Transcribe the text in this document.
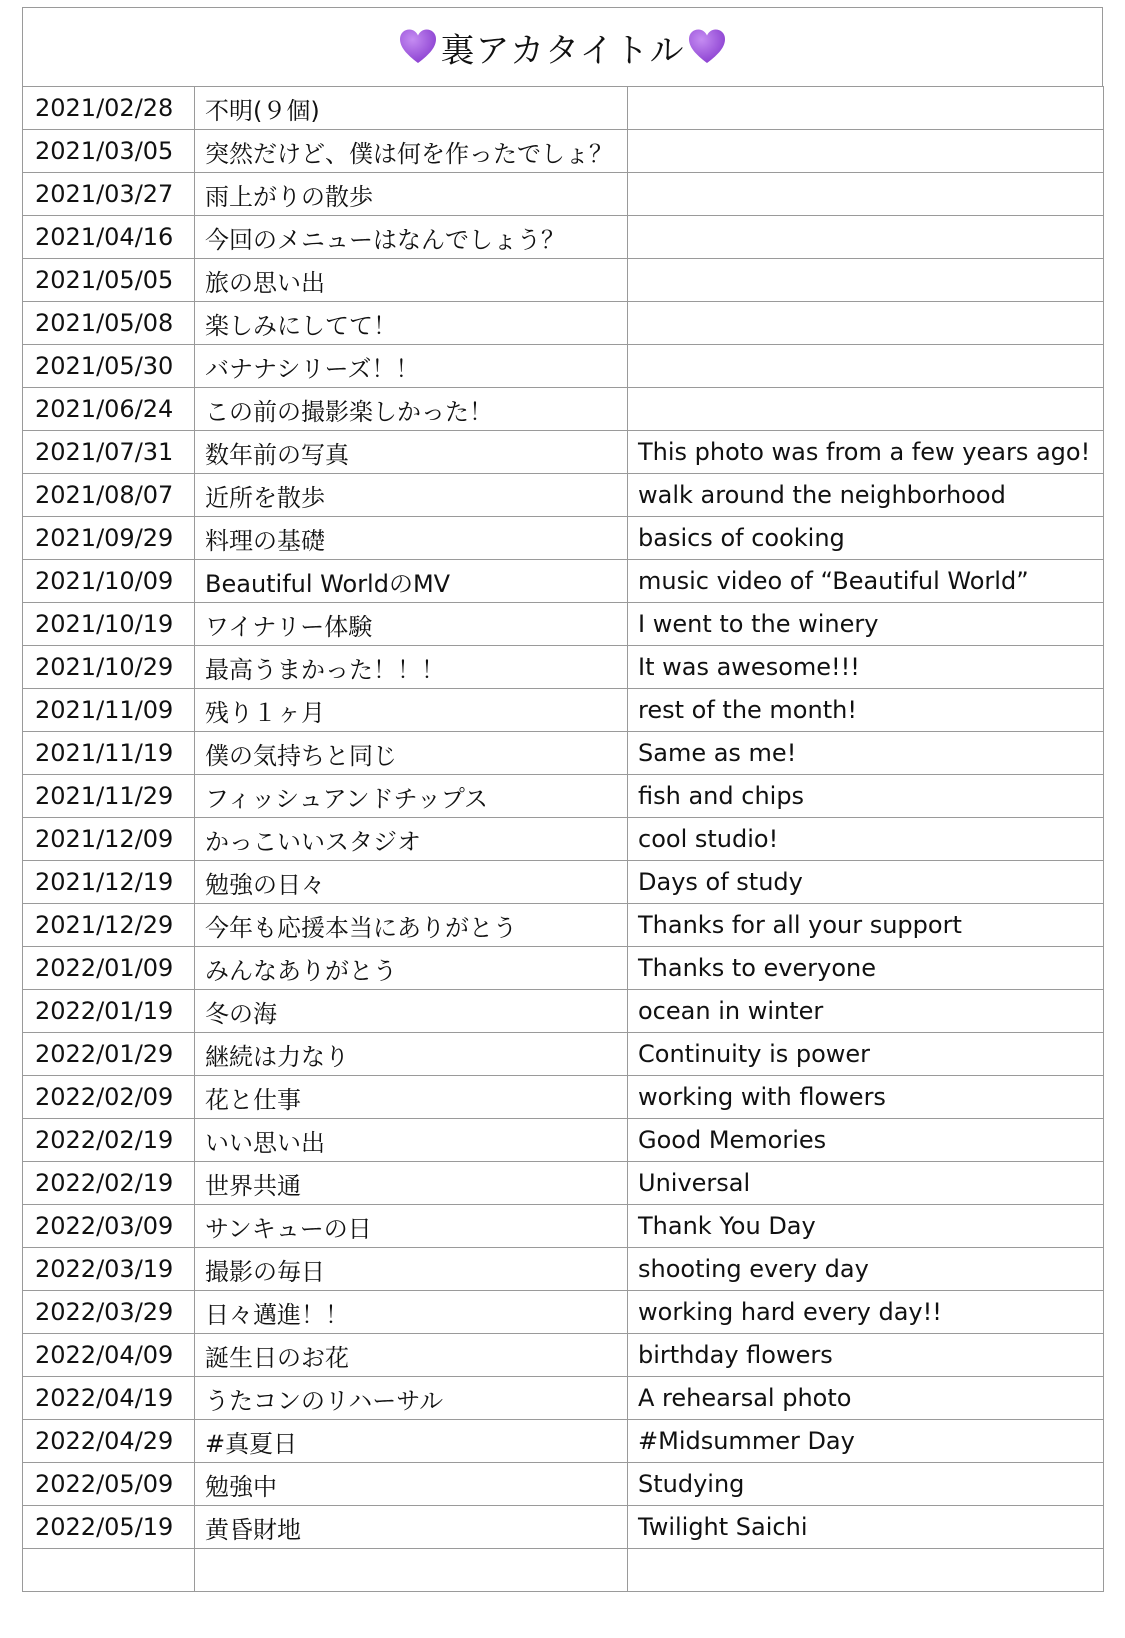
裏アカタイトル
2021/02/28	不明(９個)	
2021/03/05	突然だけど、僕は何を作ったでしょ？	
2021/03/27	雨上がりの散歩	
2021/04/16	今回のメニューはなんでしょう？	
2021/05/05	旅の思い出	
2021/05/08	楽しみにしてて！	
2021/05/30	バナナシリーズ！！	
2021/06/24	この前の撮影楽しかった！	
2021/07/31	数年前の写真	This photo was from a few years ago!
2021/08/07	近所を散歩	walk around the neighborhood
2021/09/29	料理の基礎	basics of cooking
2021/10/09	Beautiful WorldのMV	music video of “Beautiful World”
2021/10/19	ワイナリー体験	I went to the winery
2021/10/29	最高うまかった！！！	It was awesome!!!
2021/11/09	残り１ヶ月	rest of the month!
2021/11/19	僕の気持ちと同じ	Same as me!
2021/11/29	フィッシュアンドチップス	fish and chips
2021/12/09	かっこいいスタジオ	cool studio!
2021/12/19	勉強の日々	Days of study
2021/12/29	今年も応援本当にありがとう	Thanks for all your support
2022/01/09	みんなありがとう	Thanks to everyone
2022/01/19	冬の海	ocean in winter
2022/01/29	継続は力なり	Continuity is power
2022/02/09	花と仕事	working with flowers
2022/02/19	いい思い出	Good Memories
2022/02/19	世界共通	Universal
2022/03/09	サンキューの日	Thank You Day
2022/03/19	撮影の毎日	shooting every day
2022/03/29	日々邁進！！	working hard every day!!
2022/04/09	誕生日のお花	birthday flowers
2022/04/19	うたコンのリハーサル	A rehearsal photo
2022/04/29	#真夏日	#Midsummer Day
2022/05/09	勉強中	Studying
2022/05/19	黄昏財地	Twilight Saichi
